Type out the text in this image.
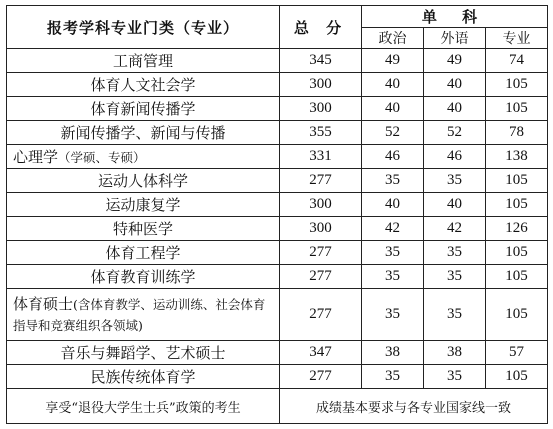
报考学科专业门类（专业）	总 分	单 科		
		政治	外语	专业
工商管理	345	49	49	74
体育人文社会学	300	40	40	105
体育新闻传播学	300	40	40	105
新闻传播学、新闻与传播	355	52	52	78
心理学（学硕、专硕）	331	46	46	138
运动人体科学	277	35	35	105
运动康复学	300	40	40	105
特种医学	300	42	42	126
体育工程学	277	35	35	105
体育教育训练学	277	35	35	105
体育硕士(含体育教学、运动训练、社会体育指导和竞赛组织各领域)	277	35	35	105
音乐与舞蹈学、艺术硕士	347	38	38	57
民族传统体育学	277	35	35	105
享受“退役大学生士兵”政策的考生	成绩基本要求与各专业国家线一致			
